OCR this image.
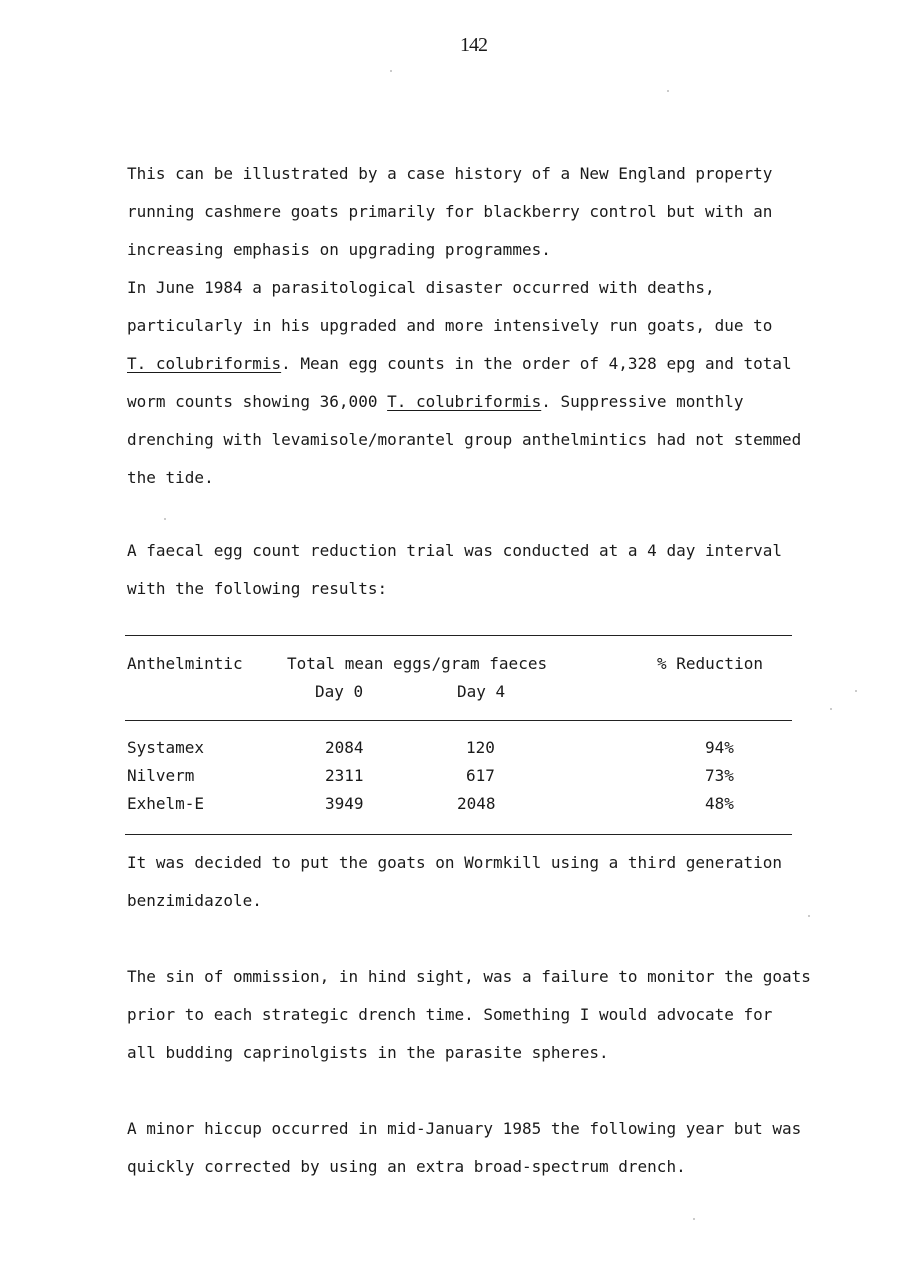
142
This can be illustrated by a case history of a New England property
running cashmere goats primarily for blackberry control but with an
increasing emphasis on upgrading programmes.
In June 1984 a parasitological disaster occurred with deaths,
particularly in his upgraded and more intensively run goats, due to
T. colubriformis. Mean egg counts in the order of 4,328 epg and total
worm counts showing 36,000 T. colubriformis. Suppressive monthly
drenching with levamisole/morantel group anthelmintics had not stemmed
the tide.
A faecal egg count reduction trial was conducted at a 4 day interval
with the following results:
Anthelmintic	Total mean eggs/gram faeces	% Reduction
Day 0	Day 4
Systamex	2084	120	94%
Nilverm	2311	617	73%
Exhelm-E	3949	2048	48%
It was decided to put the goats on Wormkill using a third generation
benzimidazole.
The sin of ommission, in hind sight, was a failure to monitor the goats
prior to each strategic drench time. Something I would advocate for
all budding caprinolgists in the parasite spheres.
A minor hiccup occurred in mid-January 1985 the following year but was
quickly corrected by using an extra broad-spectrum drench.
